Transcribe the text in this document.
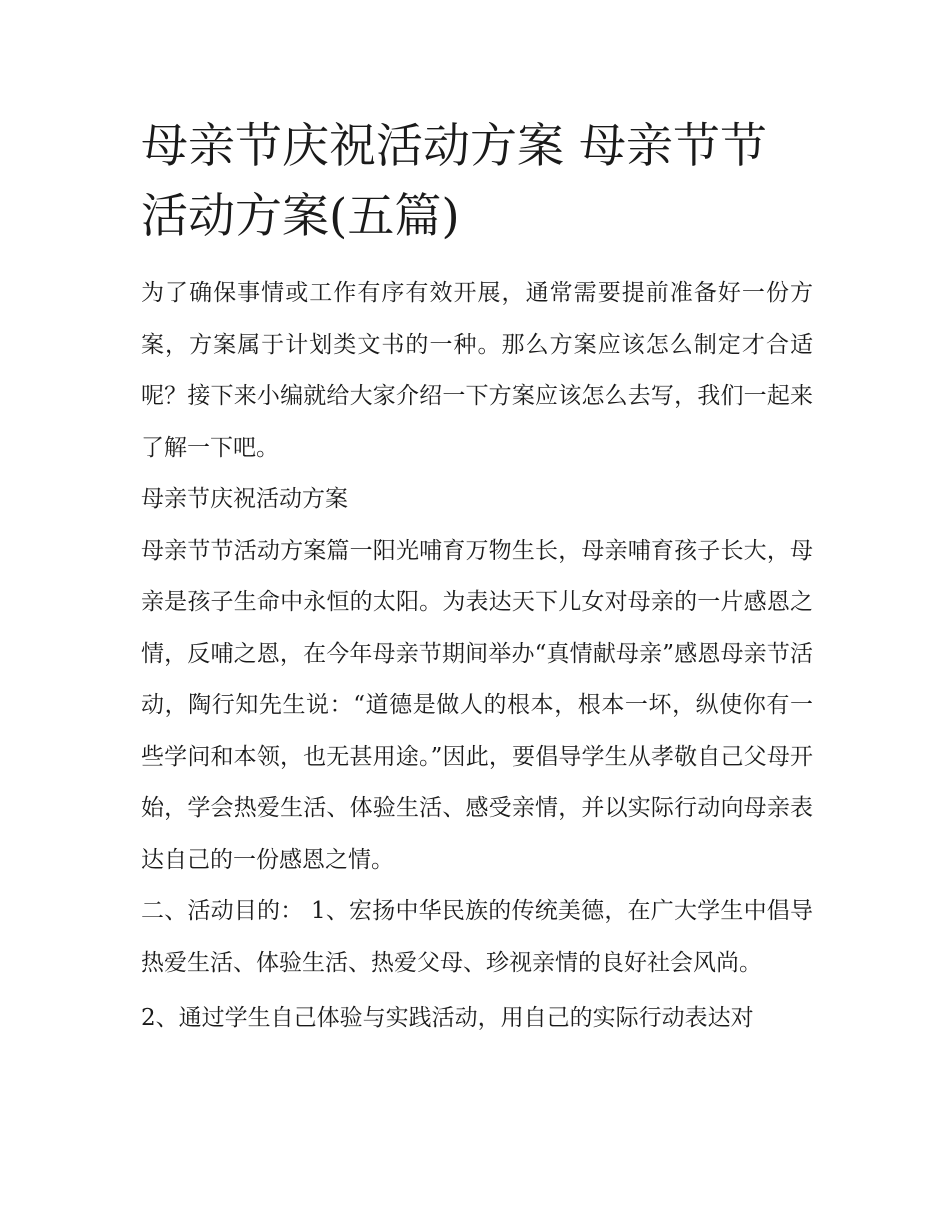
母亲节庆祝活动方案 母亲节节活动方案(五篇)

为了确保事情或工作有序有效开展，通常需要提前准备好一份方案，方案属于计划类文书的一种。那么方案应该怎么制定才合适呢？接下来小编就给大家介绍一下方案应该怎么去写，我们一起来了解一下吧。

母亲节庆祝活动方案

母亲节节活动方案篇一阳光哺育万物生长，母亲哺育孩子长大，母亲是孩子生命中永恒的太阳。为表达天下儿女对母亲的一片感恩之情，反哺之恩，在今年母亲节期间举办“真情献母亲”感恩母亲节活动，陶行知先生说：“道德是做人的根本，根本一坏，纵使你有一些学问和本领，也无甚用途。”因此，要倡导学生从孝敬自己父母开始，学会热爱生活、体验生活、感受亲情，并以实际行动向母亲表达自己的一份感恩之情。

二、活动目的： 1、宏扬中华民族的传统美德，在广大学生中倡导热爱生活、体验生活、热爱父母、珍视亲情的良好社会风尚。

2、通过学生自己体验与实践活动，用自己的实际行动表达对
